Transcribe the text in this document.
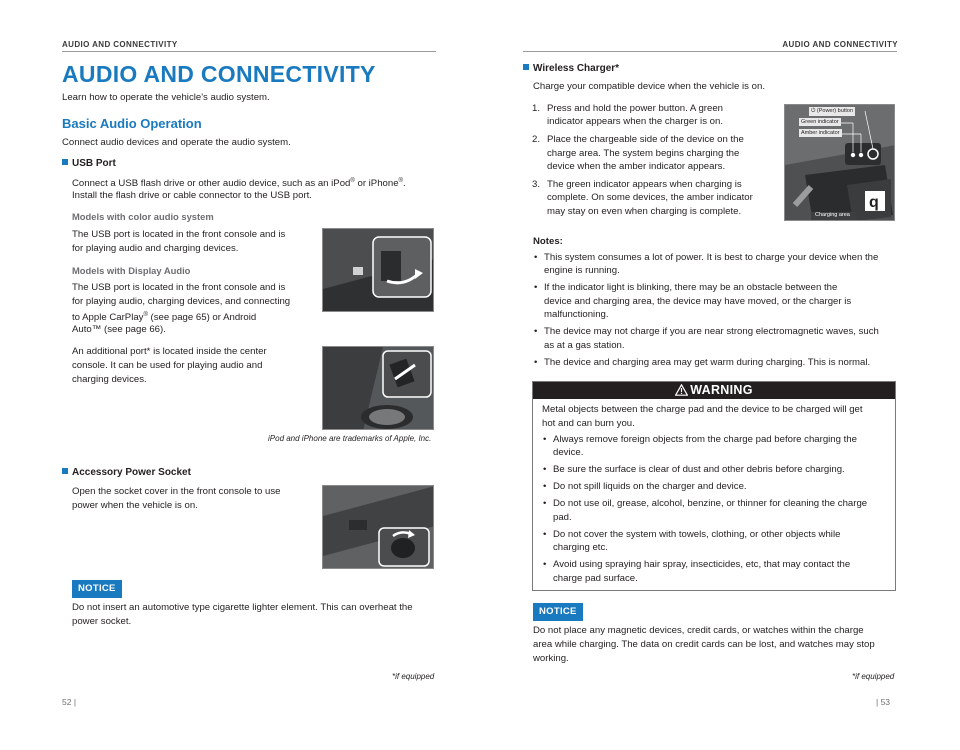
AUDIO AND CONNECTIVITY
AUDIO AND CONNECTIVITY
Learn how to operate the vehicle's audio system.
Basic Audio Operation
Connect audio devices and operate the audio system.
USB Port
Connect a USB flash drive or other audio device, such as an iPod® or iPhone®.
Install the flash drive or cable connector to the USB port.
Models with color audio system
The USB port is located in the front console and is
for playing audio and charging devices.
Models with Display Audio
The USB port is located in the front console and is
for playing audio, charging devices, and connecting
to Apple CarPlay® (see page 65) or Android
Auto™ (see page 66).
An additional port* is located inside the center
console. It can be used for playing audio and
charging devices.
iPod and iPhone are trademarks of Apple, Inc.
Accessory Power Socket
Open the socket cover in the front console to use
power when the vehicle is on.
NOTICE
Do not insert an automotive type cigarette lighter element. This can overheat the
power socket.
*if equipped
52 |
AUDIO AND CONNECTIVITY
Wireless Charger*
Charge your compatible device when the vehicle is on.
1. Press and hold the power button. A green
indicator appears when the charger is on.
2. Place the chargeable side of the device on the
charge area. The system begins charging the
device when the amber indicator appears.
3. The green indicator appears when charging is
complete. On some devices, the amber indicator
may stay on even when charging is complete.
q
⏻ (Power) button
Green indicator
Amber indicator
Charging area
Notes:
• This system consumes a lot of power. It is best to charge your device when the
engine is running.
• If the indicator light is blinking, there may be an obstacle between the
device and charging area, the device may have moved, or the charger is
malfunctioning.
• The device may not charge if you are near strong electromagnetic waves, such
as at a gas station.
• The device and charging area may get warm during charging. This is normal.
WARNING
Metal objects between the charge pad and the device to be charged will get
hot and can burn you.
• Always remove foreign objects from the charge pad before charging the
device.
• Be sure the surface is clear of dust and other debris before charging.
• Do not spill liquids on the charger and device.
• Do not use oil, grease, alcohol, benzine, or thinner for cleaning the charge
pad.
• Do not cover the system with towels, clothing, or other objects while
charging etc.
• Avoid using spraying hair spray, insecticides, etc, that may contact the
charge pad surface.
NOTICE
Do not place any magnetic devices, credit cards, or watches within the charge
area while charging. The data on credit cards can be lost, and watches may stop
working.
*if equipped
| 53
